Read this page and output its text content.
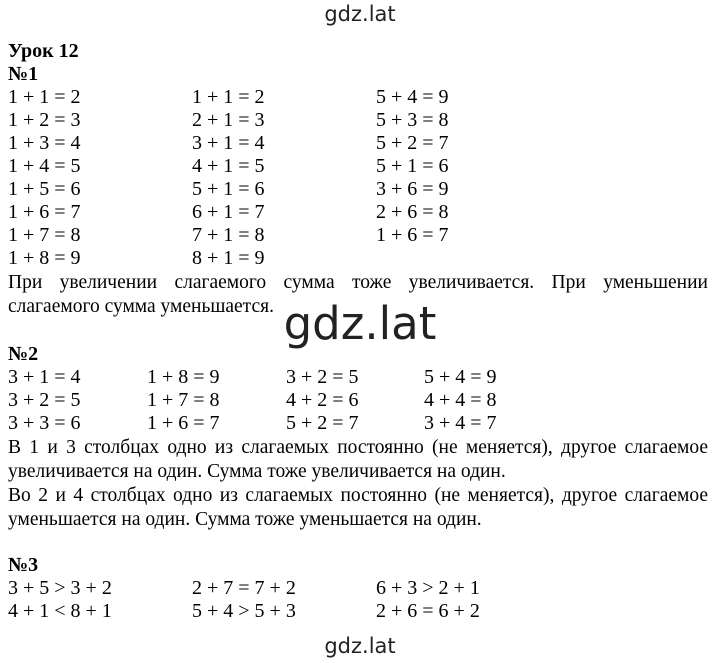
gdz.lat
Урок 12
№1
1 + 1 = 2
1 + 2 = 3
1 + 3 = 4
1 + 4 = 5
1 + 5 = 6
1 + 6 = 7
1 + 7 = 8
1 + 8 = 9
1 + 1 = 2
2 + 1 = 3
3 + 1 = 4
4 + 1 = 5
5 + 1 = 6
6 + 1 = 7
7 + 1 = 8
8 + 1 = 9
5 + 4 = 9
5 + 3 = 8
5 + 2 = 7
5 + 1 = 6
3 + 6 = 9
2 + 6 = 8
1 + 6 = 7
При увеличении слагаемого сумма тоже увеличивается. При уменьшении слагаемого сумма уменьшается. gdz.lat
№2
3 + 1 = 4
3 + 2 = 5
3 + 3 = 6
1 + 8 = 9
1 + 7 = 8
1 + 6 = 7
3 + 2 = 5
4 + 2 = 6
5 + 2 = 7
5 + 4 = 9
4 + 4 = 8
3 + 4 = 7
В 1 и 3 столбцах одно из слагаемых постоянно (не меняется), другое слагаемое увеличивается на один. Сумма тоже увеличивается на один.
Во 2 и 4 столбцах одно из слагаемых постоянно (не меняется), другое слагаемое уменьшается на один. Сумма тоже уменьшается на один.
№3
3 + 5 > 3 + 2
4 + 1 < 8 + 1
2 + 7 = 7 + 2
5 + 4 > 5 + 3
6 + 3 > 2 + 1
2 + 6 = 6 + 2
gdz.lat
